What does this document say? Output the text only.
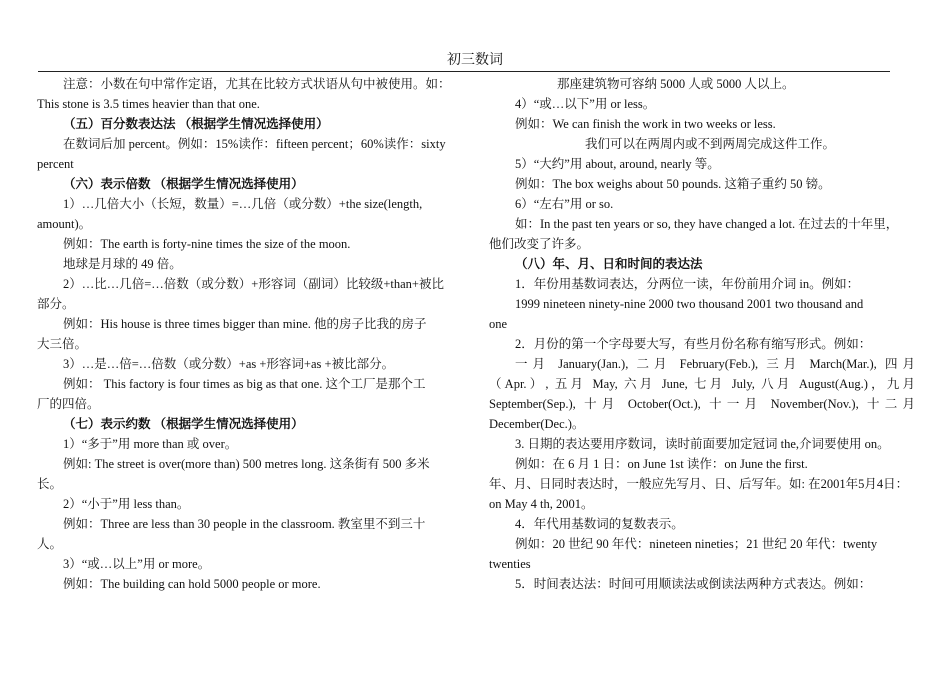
初三数词

注意：小数在句中常作定语，尤其在比较方式状语从句中被使用。如：

This stone is 3.5 times heavier than that one.

（五）百分数表达法 （根据学生情况选择使用）

在数词后加 percent。例如：15%读作：fifteen percent；60%读作：sixty

percent

（六）表示倍数 （根据学生情况选择使用）

1）…几倍大小（长短，数量）=…几倍（或分数）+the size(length,

amount)。

例如：The earth is forty-nine times the size of the moon.

地球是月球的 49 倍。

2）…比…几倍=…倍数（或分数）+形容词（副词）比较级+than+被比

部分。

例如：His house is three times bigger than mine. 他的房子比我的房子

大三倍。

3）…是…倍=…倍数（或分数）+as +形容词+as +被比部分。

例如： This factory is four times as big as that one. 这个工厂是那个工

厂的四倍。

（七）表示约数 （根据学生情况选择使用）

1）“多于”用 more than 或 over。

例如: The street is over(more than) 500 metres long. 这条街有 500 多米

长。

2）“小于”用 less than。

例如：Three are less than 30 people in the classroom. 教室里不到三十

人。

3）“或…以上”用 or more。

例如：The building can hold 5000 people or more.

那座建筑物可容纳 5000 人或 5000 人以上。

4）“或…以下”用 or less。

例如：We can finish the work in two weeks or less.

我们可以在两周内或不到两周完成这件工作。

5）“大约”用 about, around, nearly 等。

例如：The box weighs about 50 pounds. 这箱子重约 50 镑。

6）“左右”用 or so.

如：In the past ten years or so, they have changed a lot. 在过去的十年里，

他们改变了许多。

（八）年、月、日和时间的表达法

1．年份用基数词表达，分两位一读，年份前用介词 in。例如：

1999 nineteen ninety-nine 2000 two thousand 2001 two thousand and

one

2．月份的第一个字母要大写，有些月份名称有缩写形式。例如：

一月 January(Jan.), 二月 February(Feb.), 三月 March(Mar.), 四月

（Apr.）, 五月 May, 六月 June, 七月 July, 八月 August(Aug.)，九月

September(Sep.), 十月 October(Oct.), 十一月 November(Nov.), 十二月

December(Dec.)。

3. 日期的表达要用序数词，读时前面要加定冠词 the,介词要使用 on。

例如：在 6 月 1 日：on June 1st 读作：on June the first.

年、月、日同时表达时，一般应先写月、日、后写年。如: 在2001年5月4日：

on May 4 th, 2001。

4．年代用基数词的复数表示。

例如：20 世纪 90 年代：nineteen nineties；21 世纪 20 年代：twenty

twenties

5．时间表达法：时间可用顺读法或倒读法两种方式表达。例如：
